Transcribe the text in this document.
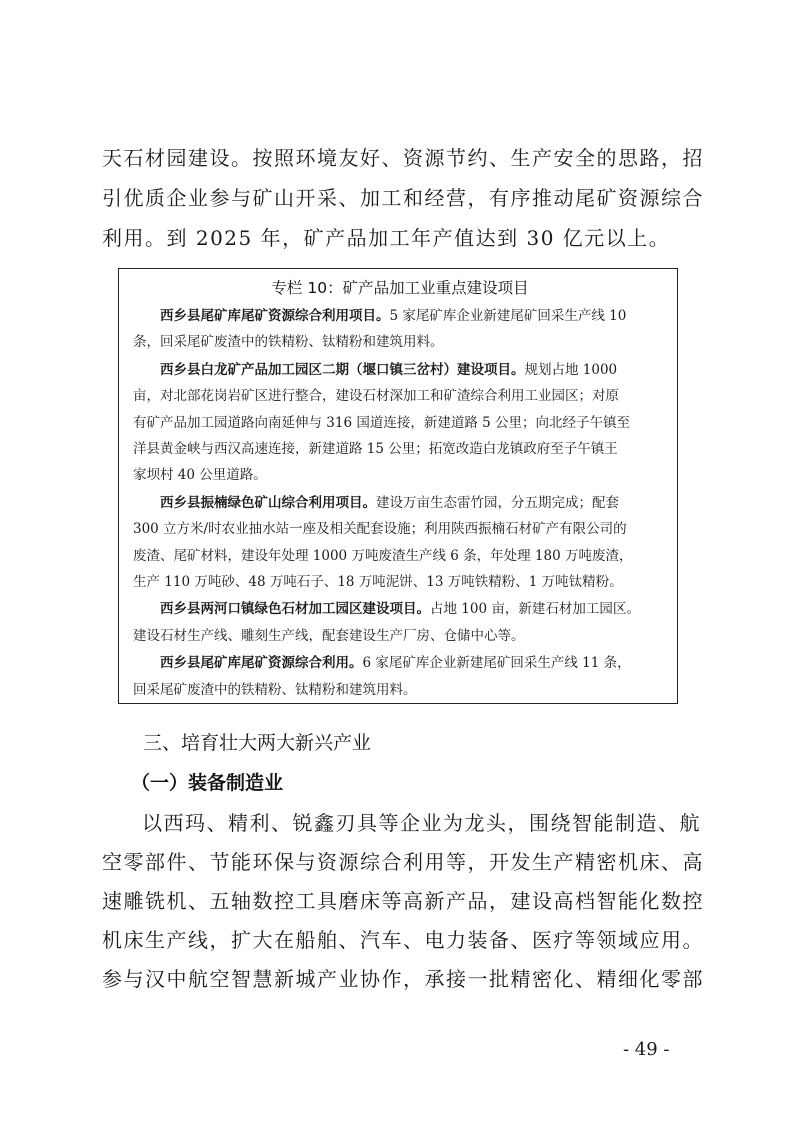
天石材园建设。按照环境友好、资源节约、生产安全的思路，招
引优质企业参与矿山开采、加工和经营，有序推动尾矿资源综合
利用。到 2025 年，矿产品加工年产值达到 30 亿元以上。
专栏 10：矿产品加工业重点建设项目
西乡县尾矿库尾矿资源综合利用项目。5 家尾矿库企业新建尾矿回采生产线 10
条，回采尾矿废渣中的铁精粉、钛精粉和建筑用料。
西乡县白龙矿产品加工园区二期（堰口镇三岔村）建设项目。规划占地 1000
亩，对北部花岗岩矿区进行整合，建设石材深加工和矿渣综合利用工业园区；对原
有矿产品加工园道路向南延伸与 316 国道连接，新建道路 5 公里；向北经子午镇至
洋县黄金峡与西汉高速连接，新建道路 15 公里；拓宽改造白龙镇政府至子午镇王
家坝村 40 公里道路。
西乡县振楠绿色矿山综合利用项目。建设万亩生态雷竹园，分五期完成；配套
300 立方米/时农业抽水站一座及相关配套设施；利用陕西振楠石材矿产有限公司的
废渣、尾矿材料，建设年处理 1000 万吨废渣生产线 6 条，年处理 180 万吨废渣，
生产 110 万吨砂、48 万吨石子、18 万吨泥饼、13 万吨铁精粉、1 万吨钛精粉。
西乡县两河口镇绿色石材加工园区建设项目。占地 100 亩，新建石材加工园区。
建设石材生产线、雕刻生产线，配套建设生产厂房、仓储中心等。
西乡县尾矿库尾矿资源综合利用。6 家尾矿库企业新建尾矿回采生产线 11 条，
回采尾矿废渣中的铁精粉、钛精粉和建筑用料。
三、培育壮大两大新兴产业
（一）装备制造业
以西玛、精利、锐鑫刃具等企业为龙头，围绕智能制造、航
空零部件、节能环保与资源综合利用等，开发生产精密机床、高
速雕铣机、五轴数控工具磨床等高新产品，建设高档智能化数控
机床生产线，扩大在船舶、汽车、电力装备、医疗等领域应用。
参与汉中航空智慧新城产业协作，承接一批精密化、精细化零部
- 49 -
